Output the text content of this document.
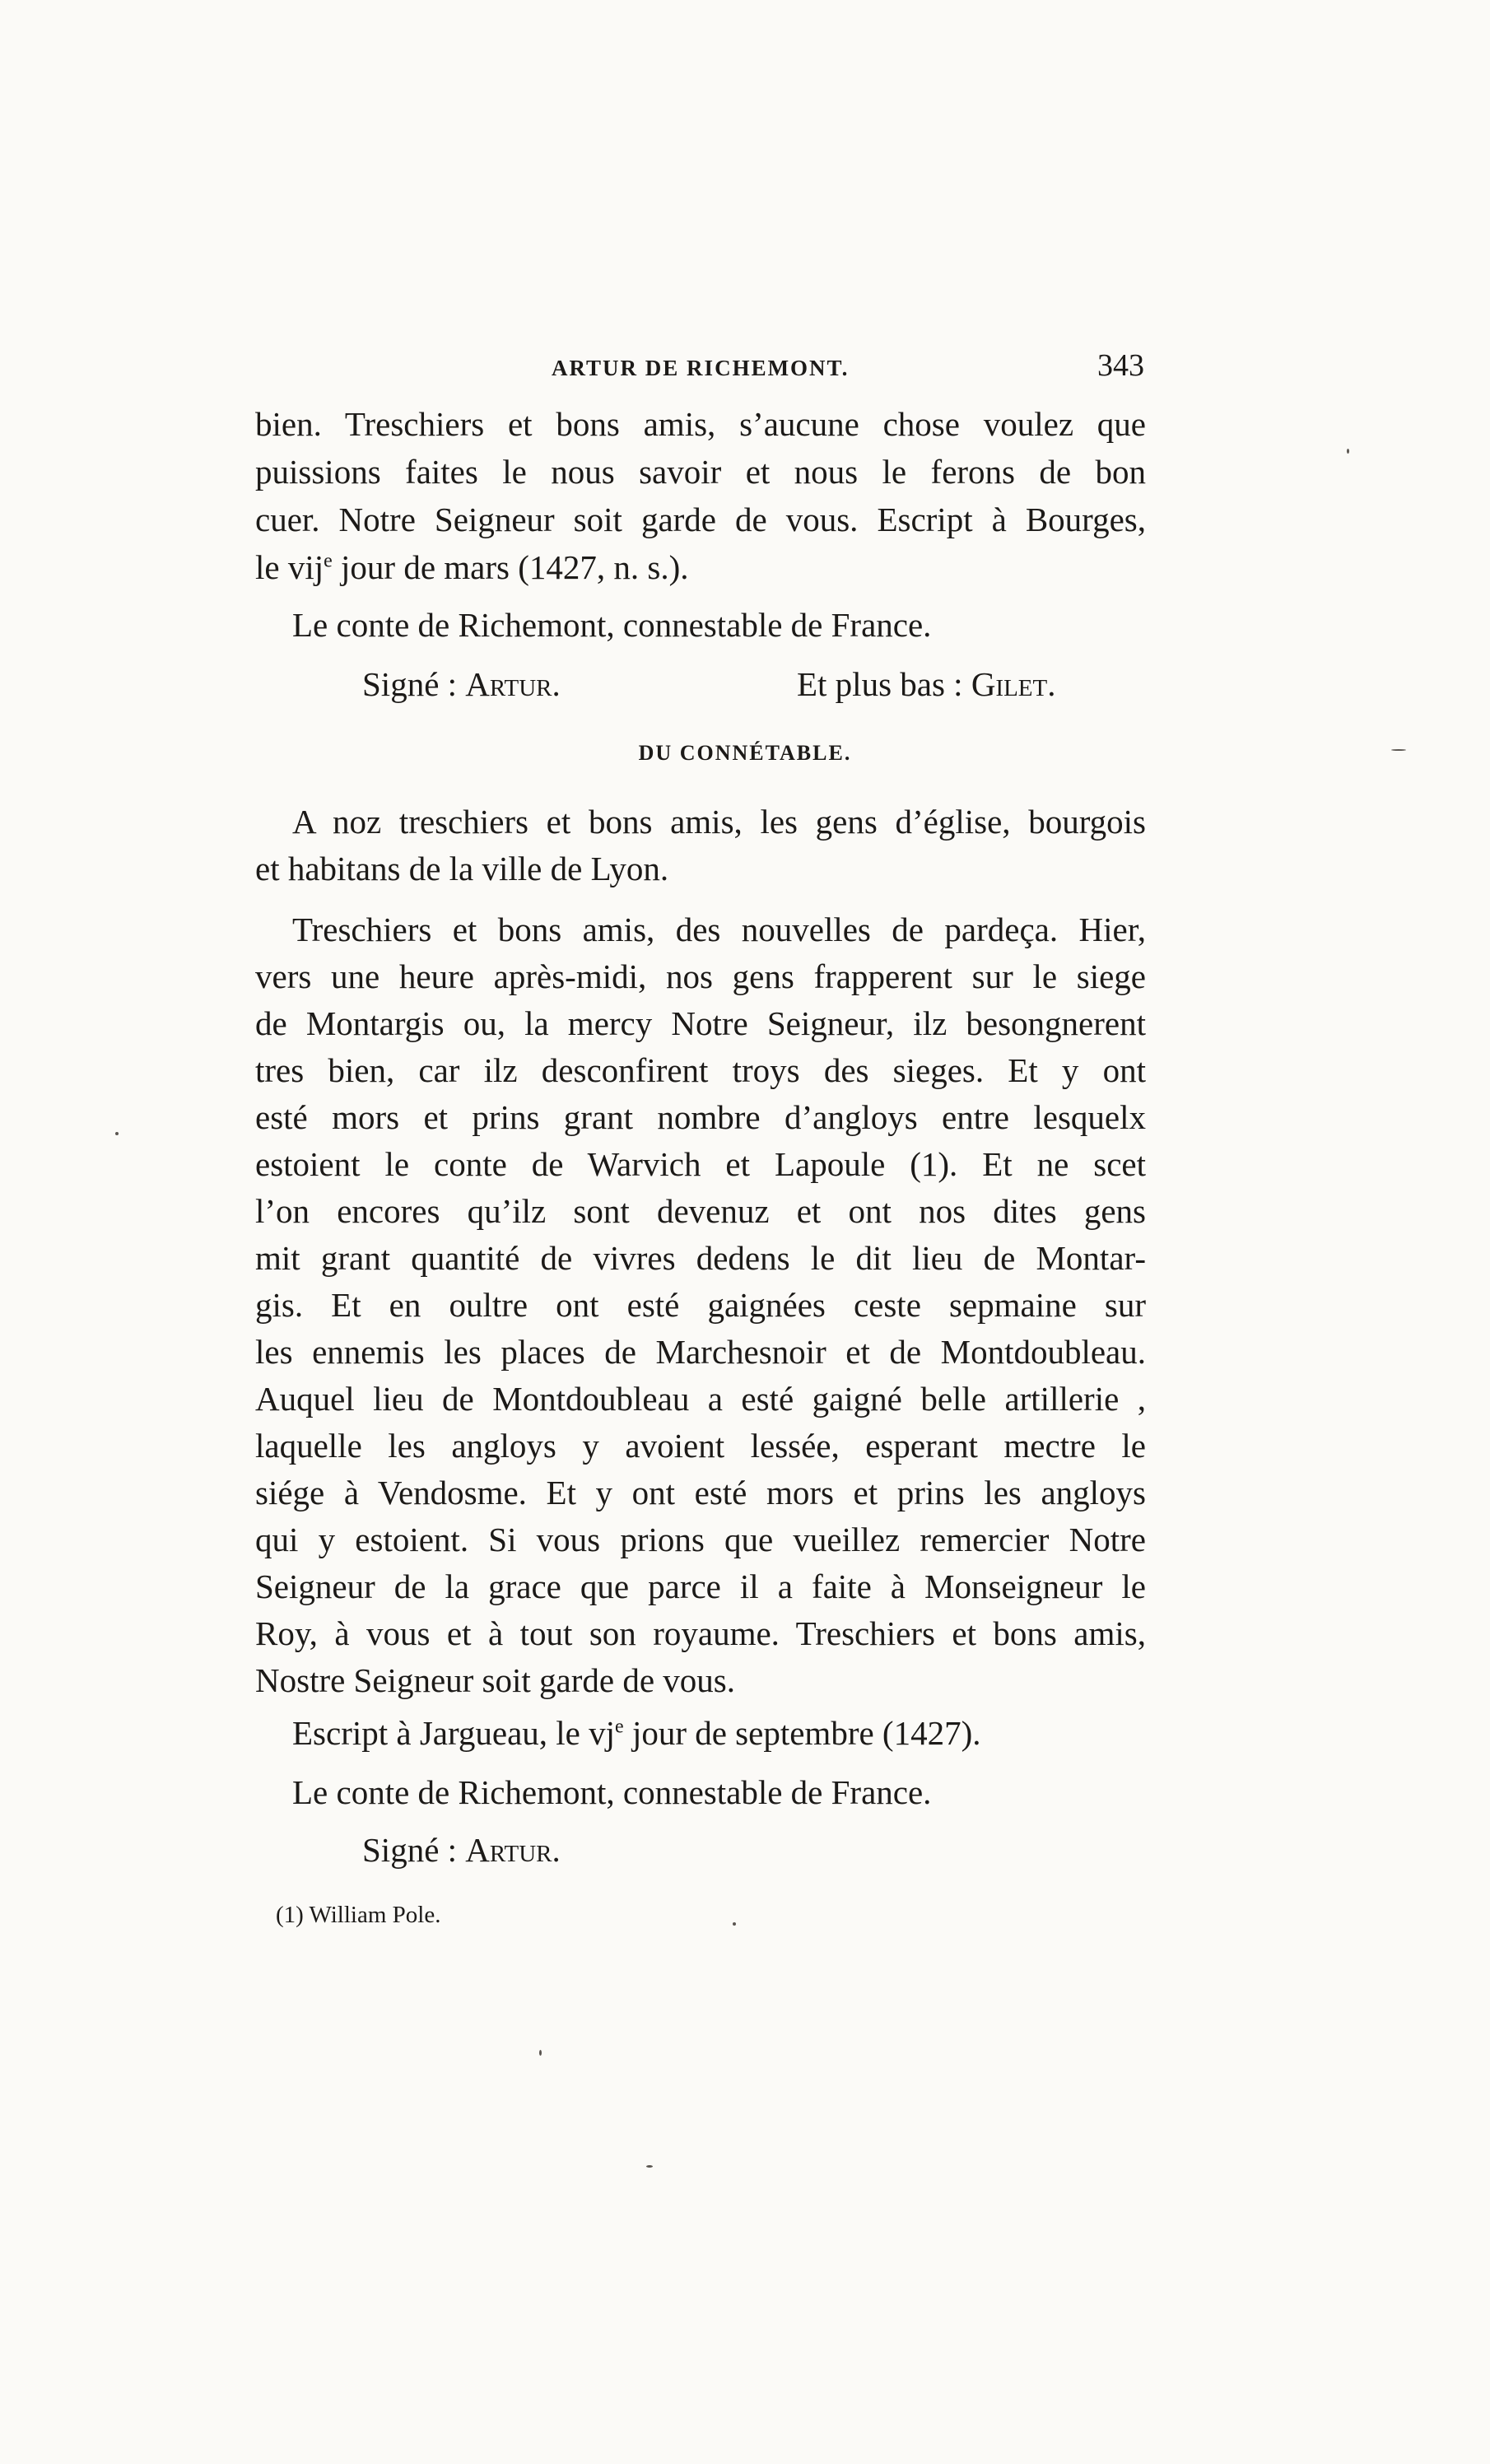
ARTUR DE RICHEMONT.	343
bien. Treschiers et bons amis, s’aucune chose voulez que
puissions faites le nous savoir et nous le ferons de bon
cuer. Notre Seigneur soit garde de vous. Escript à Bourges,
le vij$^e$ jour de mars (1427, n. s.).
Le conte de Richemont, connestable de France.
Signé : Artur.	Et plus bas : Gilet.
DU CONNÉTABLE.
A noz treschiers et bons amis, les gens d’église, bourgois
et habitans de la ville de Lyon.
Treschiers et bons amis, des nouvelles de pardeça. Hier,
vers une heure après-midi, nos gens frapperent sur le siege
de Montargis ou, la mercy Notre Seigneur, ilz besongnerent
tres bien, car ilz desconfirent troys des sieges. Et y ont
esté mors et prins grant nombre d’angloys entre lesquelx
estoient le conte de Warvich et Lapoule (1). Et ne scet
l’on encores qu’ilz sont devenuz et ont nos dites gens
mit grant quantité de vivres dedens le dit lieu de Montar-
gis. Et en oultre ont esté gaignées ceste sepmaine sur
les ennemis les places de Marchesnoir et de Montdoubleau.
Auquel lieu de Montdoubleau a esté gaigné belle artillerie ,
laquelle les angloys y avoient lessée, esperant mectre le
siége à Vendosme. Et y ont esté mors et prins les angloys
qui y estoient. Si vous prions que vueillez remercier Notre
Seigneur de la grace que parce il a faite à Monseigneur le
Roy, à vous et à tout son royaume. Treschiers et bons amis,
Nostre Seigneur soit garde de vous.
Escript à Jargueau, le $vj^e$ jour de septembre (1427).
Le conte de Richemont, connestable de France.
Signé : Artur.
(1) William Pole.
